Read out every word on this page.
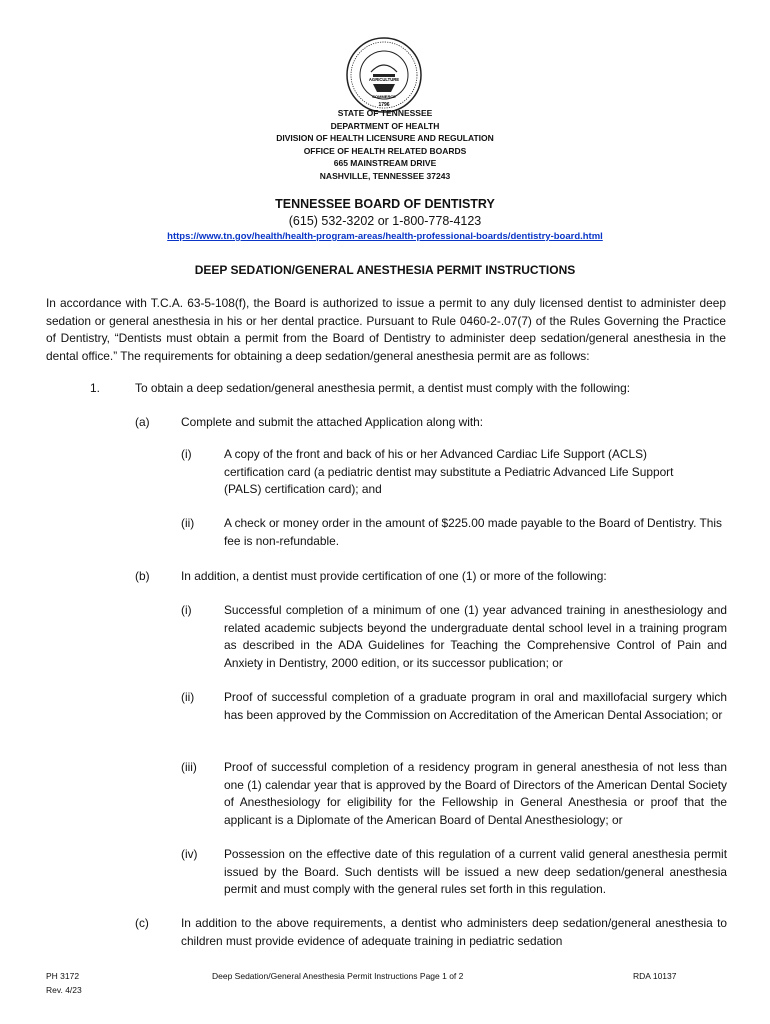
AGRICULTURE
COMMERCE
1796
STATE OF TENNESSEE
DEPARTMENT OF HEALTH
DIVISION OF HEALTH LICENSURE AND REGULATION
OFFICE OF HEALTH RELATED BOARDS
665 MAINSTREAM DRIVE
NASHVILLE, TENNESSEE 37243
TENNESSEE BOARD OF DENTISTRY
(615) 532-3202 or 1-800-778-4123
https://www.tn.gov/health/health-program-areas/health-professional-boards/dentistry-board.html
DEEP SEDATION/GENERAL ANESTHESIA PERMIT INSTRUCTIONS
In accordance with T.C.A. 63-5-108(f), the Board is authorized to issue a permit to any duly licensed dentist to administer deep sedation or general anesthesia in his or her dental practice. Pursuant to Rule 0460-2-.07(7) of the Rules Governing the Practice of Dentistry, “Dentists must obtain a permit from the Board of Dentistry to administer deep sedation/general anesthesia in the dental office.” The requirements for obtaining a deep sedation/general anesthesia permit are as follows:
1.	To obtain a deep sedation/general anesthesia permit, a dentist must comply with the following:
(a)	Complete and submit the attached Application along with:
(i)	A copy of the front and back of his or her Advanced Cardiac Life Support (ACLS) certification card (a pediatric dentist may substitute a Pediatric Advanced Life Support (PALS) certification card); and
(ii)	A check or money order in the amount of $225.00 made payable to the Board of Dentistry. This fee is non-refundable.
(b)	In addition, a dentist must provide certification of one (1) or more of the following:
(i)	Successful completion of a minimum of one (1) year advanced training in anesthesiology and related academic subjects beyond the undergraduate dental school level in a training program as described in the ADA Guidelines for Teaching the Comprehensive Control of Pain and Anxiety in Dentistry, 2000 edition, or its successor publication; or
(ii)	Proof of successful completion of a graduate program in oral and maxillofacial surgery which has been approved by the Commission on Accreditation of the American Dental Association; or
(iii) Proof of successful completion of a residency program in general anesthesia of not less than one (1) calendar year that is approved by the Board of Directors of the American Dental Society of Anesthesiology for eligibility for the Fellowship in General Anesthesia or proof that the applicant is a Diplomate of the American Board of Dental Anesthesiology; or
(iv) Possession on the effective date of this regulation of a current valid general anesthesia permit issued by the Board. Such dentists will be issued a new deep sedation/general anesthesia permit and must comply with the general rules set forth in this regulation.
(c)	In addition to the above requirements, a dentist who administers deep sedation/general anesthesia to children must provide evidence of adequate training in pediatric sedation
PH 3172
Rev. 4/23
Deep Sedation/General Anesthesia Permit Instructions Page 1 of 2	RDA 10137
